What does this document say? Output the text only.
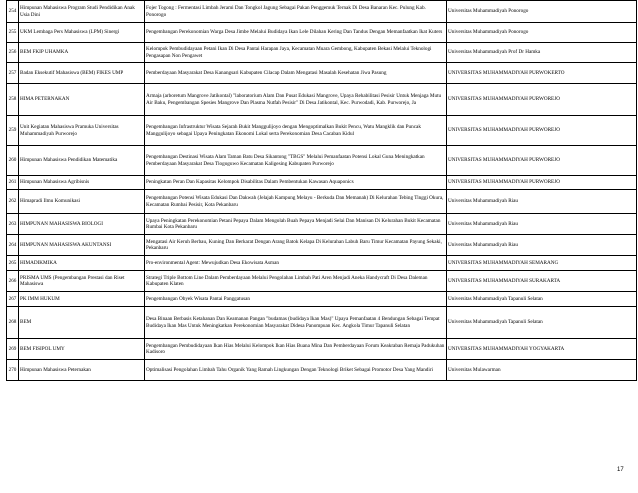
254	Himpunan Mahasiswa Program Studi Pendidikan Anak Usia Dini	Fojer Togong : Fermentasi Limbah Jerami Dan Tongkol Jagung Sebagai Pakan Penggemuk Ternak Di Desa Banaran Kec. Pulung Kab. Ponorogo	Universitas Muhammadiyah Ponorogo
255	UKM Lembaga Pers Mahasiswa (LPM) Sinergi	Pengembangan Perekonomian Warga Desa Jimbe Melalui Budidaya Ikan Lele Dilahan Kering Dan Tandus Dengan Memanfaatkan Ikat Kuters	Universitas Muhammadiyah Ponorogo
256	BEM FKIP UHAMKA	Kelompok Pembudidayaan Petani Ikan Di Desa Pantai Harapan Jaya, Kecamatan Muara Gembong, Kabupaten Bekasi Melalui Teknologi Pengasapan Non Pengawet	Universitas Muhammadiyah Prof Dr Hamka
257	Badan Eksekutif Mahasiswa (BEM) FIKES UMP	Pemberdayaan Masyarakat Desa Kanangsari Kabupaten Cilacap Dalam Mengatasi Masalah Kesehatan Jiwa Pasung	UNIVERSITAS MUHAMMADIYAH PURWOKERTO
258	HIMA PETERNAKAN	Armaja (arboretum Mangrove Jatikontal) "laboratorium Alam Dan Pusat Edukasi Mangrove, Upaya Rehabilitasi Pesisir Untuk Menjaga Mutu Air Baku, Pengembangan Spesies Mangrove Dan Plasma Nutfah Pesisir" Di Desa Jatikontal, Kec. Purwodadi, Kab. Purworejo, Ja	UNIVERSITAS MUHAMMADIYAH PURWOREJO
259	Unit Kegiatan Mahasiswa Pramuka Universitas Muhammadiyah Purworejo	Pengembangan Infrastruktur Wisata Sejarah Bukit Manggulijoyo dengan Mengoptimalkan Bukit Pencu, Watu Mangklik dan Puncak Manggulijoyo sebagai Upaya Peningkatan Ekonomi Lokal serta Perekonomian Desa Cacaban Kidul	UNIVERSITAS MUHAMMADIYAH PURWOREJO
260	Himpunan Mahasiswa Pendidikan Matematika	Pengembangan Destinasi Wisata Alam Taman Batu Desa Sikantong "TBGS" Melalui Pemanfaatan Potensi Lokal Guna Meningkatkan Pemberdayaan Masyarakat Desa Tlogoguwo Kecamatan Kaligesing Kabupaten Purworejo	UNIVERSITAS MUHAMMADIYAH PURWOREJO
261	Himpunan Mahasiswa Agribisnis	Peningkatan Peran Dan Kapasitas Kelompok Disabilitas Dalam Pembentukan Kawasan Aquaponics	UNIVERSITAS MUHAMMADIYAH PURWOREJO
262	Himapradi Ilmu Komunikasi	Pengembangan Potensi Wisata Edukasi Dan Dakwah (Jelajah Kampung Melayu - Berkuda Dan Memanah) Di Kelurahan Tebing Tinggi Okura, Kecamatan Rumbai Pesisir, Kota Pekanbaru	Universitas Muhammadiyah Riau
263	HIMPUNAN MAHASISWA BIOLOGI	Upaya Peningkatan Perekonomian Petani Pepaya Dalam Mengolah Buah Pepaya Menjadi Selai Dan Manisan Di Kelurahan Bukit Kecamatan Rumbai Kota Pekanbaru	Universitas Muhammadiyah Riau
264	HIMPUNAN MAHASISWA AKUNTANSI	Mengatasi Air Keruh Berbau, Kuning Dan Berkarat Dengan Arang Batok Kelapa Di Kelurahan Labuh Baru Timur Kecamatan Payung Sekaki, Pekanbaru	Universitas Muhammadiyah Riau
265	HIMADIKMIKA	Pro-environmental Agent: Mewujudkan Desa Ekowisata Asman	UNIVERSITAS MUHAMMADIYAH SEMARANG
266	PRISMA UMS (Pengembangan Prestasi dan Riset Mahasiswa	Strategi Triple Bottom Line Dalam Pemberdayaan Melalui Pengolahan Limbah Pati Aren Menjadi Aneka Handycraft Di Desa Daleman Kabupaten Klaten	UNIVERSITAS MUHAMMADIYAH SURAKARTA
267	PK IMM HUKUM	Pengembangan Obyek Wisata Pantai Panggatusan	Universitas Muhammadiyah Tapanuli Selatan
268	BEM	Desa Binaan Berbasis Ketahanan Dan Keamanan Pangan "budamas (budidaya Ikan Mas)" Upaya Pemanfaatan 4 Bendungan Sebagai Tempat Budidaya Ikan Mas Untuk Meningkatkan Perekonomian Masyarakat Didesa Panompuan Kec. Angkola Timur Tapanuli Selatan	Universitas Muhammadiyah Tapanuli Selatan
269	BEM FISIPOL UMY	Pengembangan Pembudidayaan Ikan Hias Melalui Kelompok Ikan Hias Buana Mina Dan Pemberdayaan Forum Keakraban Remaja Padukuhan Kadisoro	UNIVERSITAS MUHAMMADIYAH YOGYAKARTA
270	Himpunan Mahasiswa Peternakan	Optimalisasi Pengolahan Limbah Tahu Organik Yang Ramah Lingkungan Dengan Teknologi Briket Sebagai Promotor Desa Yang Mandiri	Universitas Mulawarman
17
